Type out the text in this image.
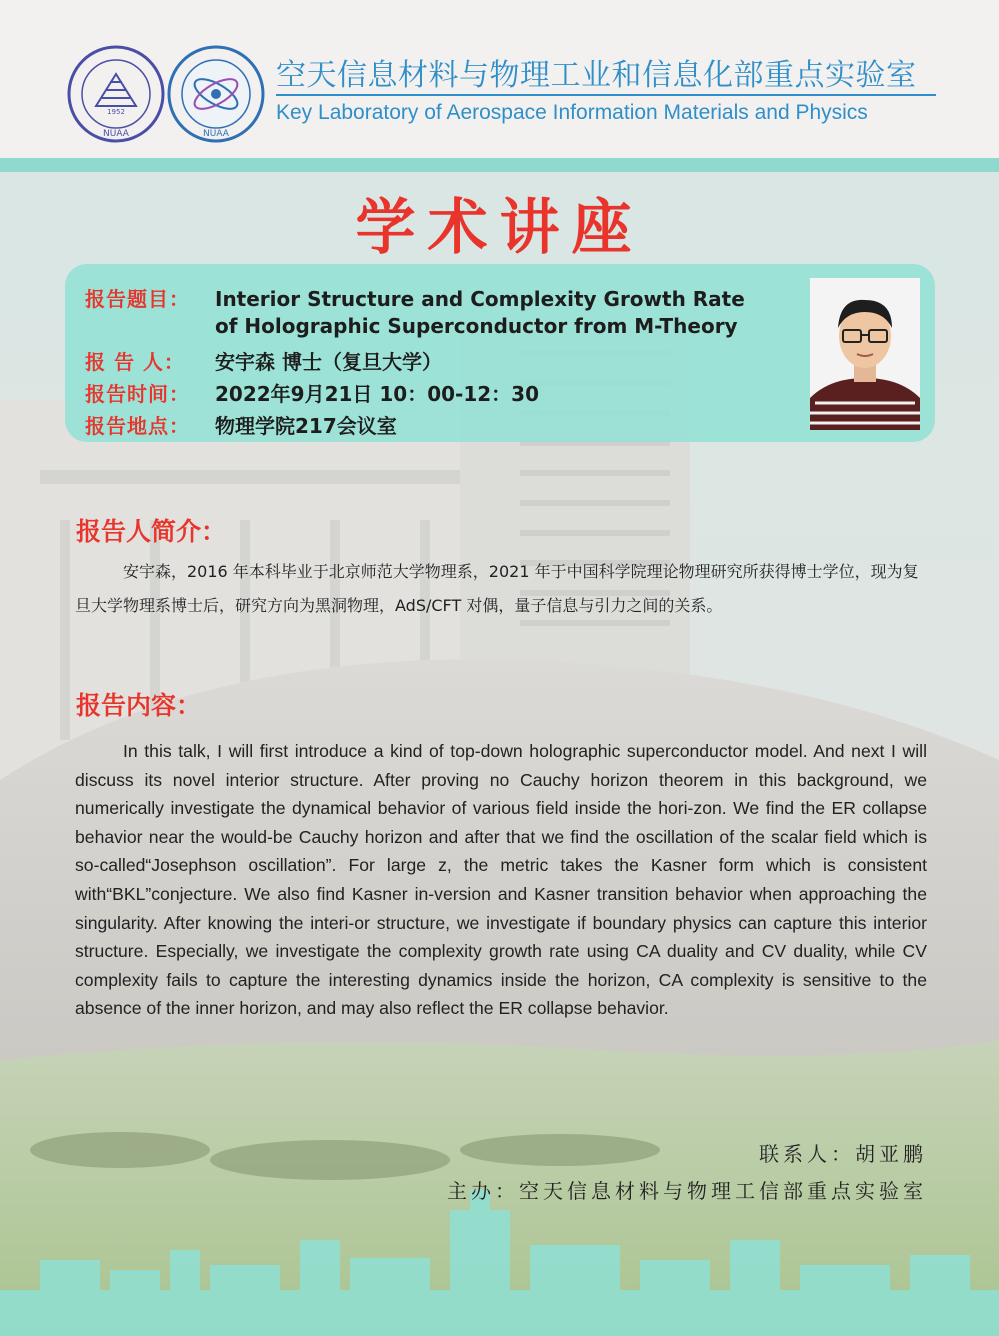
1952
NUAA	NUAA
空天信息材料与物理工业和信息化部重点实验室
Key Laboratory of Aerospace Information Materials and Physics
学术讲座
报告题目： Interior Structure and Complexity Growth Rate
of Holographic Superconductor from M-Theory
报 告 人： 安宇森 博士（复旦大学）
报告时间： 2022年9月21日 10：00-12：30
报告地点： 物理学院217会议室
报告人简介：
安宇森，2016 年本科毕业于北京师范大学物理系，2021 年于中国科学院理论物理研究所获得博士学位，现为复旦大学物理系博士后，研究方向为黑洞物理，AdS/CFT 对偶，量子信息与引力之间的关系。
报告内容：
In this talk, I will first introduce a kind of top-down holographic superconductor model. And next I will discuss its novel interior structure. After proving no Cauchy horizon theorem in this background, we numerically investigate the dynamical behavior of various field inside the hori-zon. We find the ER collapse behavior near the would-be Cauchy horizon and after that we find the oscillation of the scalar field which is so-called“Josephson oscillation”. For large z, the metric takes the Kasner form which is consistent with“BKL”conjecture. We also find Kasner in-version and Kasner transition behavior when approaching the singularity. After knowing the interi-or structure, we investigate if boundary physics can capture this interior structure. Especially, we investigate the complexity growth rate using CA duality and CV duality, while CV complexity fails to capture the interesting dynamics inside the horizon, CA complexity is sensitive to the absence of the inner horizon, and may also reflect the ER collapse behavior.
联系人：胡亚鹏
主办：空天信息材料与物理工信部重点实验室
